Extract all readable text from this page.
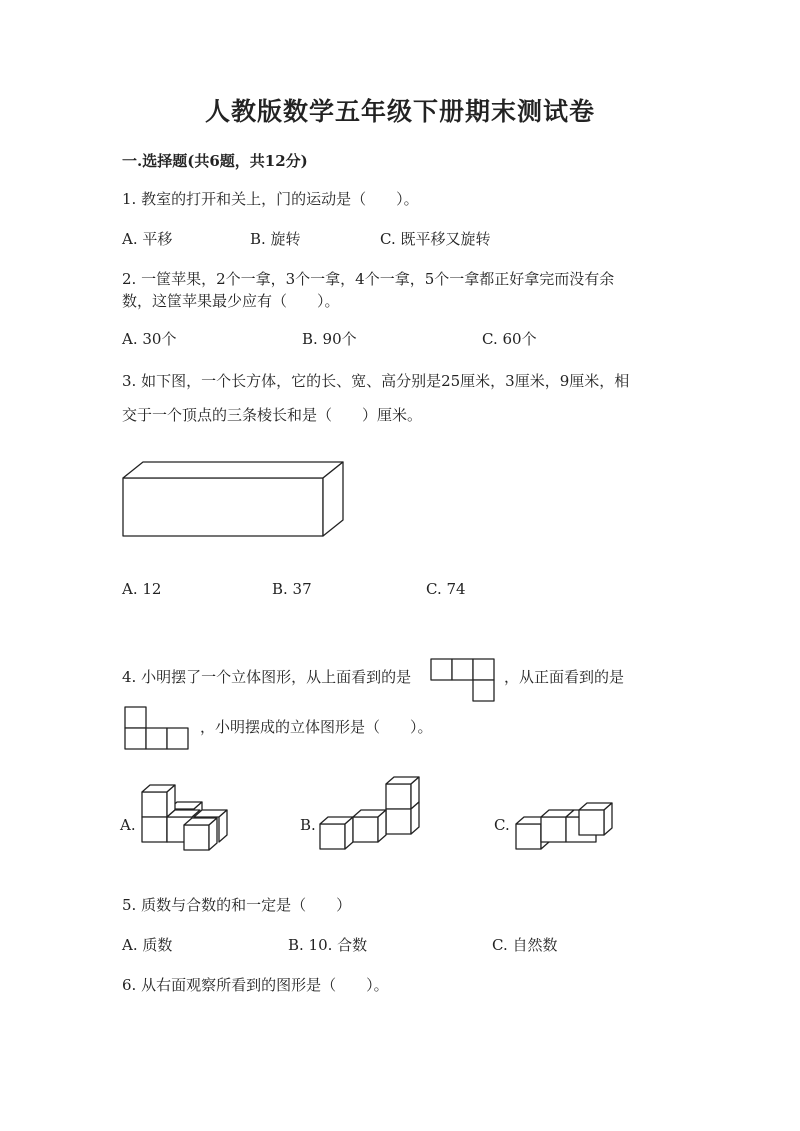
人教版数学五年级下册期末测试卷
一.选择题(共6题，共12分)
1. 教室的打开和关上，门的运动是（　　）。
A. 平移	B. 旋转	C. 既平移又旋转
2. 一筐苹果，2个一拿，3个一拿，4个一拿，5个一拿都正好拿完而没有余
数，这筐苹果最少应有（　　）。
A. 30个	B. 90个	C. 60个
3. 如下图，一个长方体，它的长、宽、高分别是25厘米，3厘米，9厘米，相
交于一个顶点的三条棱长和是（　　）厘米。
A. 12	B. 37	C. 74
4. 小明摆了一个立体图形，从上面看到的是	，从正面看到的是
，小明摆成的立体图形是（　　）。
A.	B.	C.
5. 质数与合数的和一定是（　　）
A. 质数	B. 10. 合数	C. 自然数
6. 从右面观察所看到的图形是（　　）。
